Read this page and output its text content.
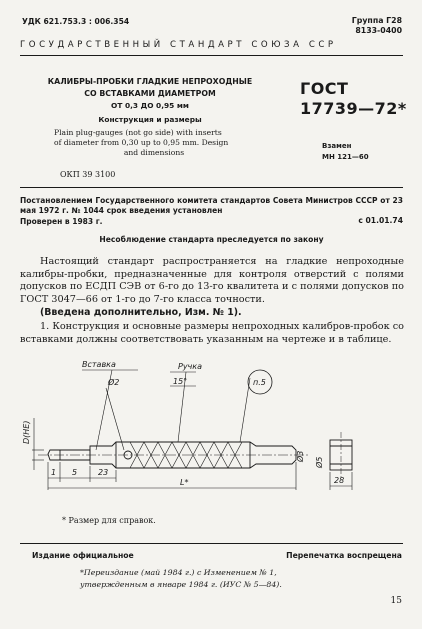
УДК 621.753.3 : 006.354	Группа Г28
8133-0400
ГОСУДАРСТВЕННЫЙ СТАНДАРТ СОЮЗА ССР
КАЛИБРЫ-ПРОБКИ ГЛАДКИЕ НЕПРОХОДНЫЕ
СО ВСТАВКАМИ ДИАМЕТРОМ
ОТ 0,3 ДО 0,95 мм
Конструкция и размеры
Plain plug-gauges (not go side) with inserts
of diameter from 0,30 up to 0,95 mm. Design
and dimensions
ГОСТ
17739—72*
Взамен
МН 121—60
ОКП 39 3100
Постановлением Государственного комитета стандартов Совета Министров СССР от 23 мая 1972 г. № 1044 срок введения установлен
Проверен в 1983 г.	с 01.01.74
Несоблюдение стандарта преследуется по закону

Настоящий стандарт распространяется на гладкие непроходные калибры-пробки, предназначенные для контроля отверстий с полями допусков по ЕСДП СЭВ от 6-го до 13-го квалитета и с полями допусков по ГОСТ 3047—66 от 1-го до 7-го класса точности.

(Введена дополнительно, Изм. № 1).

1. Конструкция и основные размеры непроходных калибров-пробок со вставками должны соответствовать указанным на чертеже и в таблице.

Вставка	Ручка
Ø2	15°	п.5
D(HE)
Ø3
Ø5
1 5	23
L*	28
* Размер для справок.
Издание официальное	Перепечатка воспрещена
*Переиздание (май 1984 г.) с Изменением № 1,
утвержденным в январе 1984 г. (ИУС № 5—84).
15
